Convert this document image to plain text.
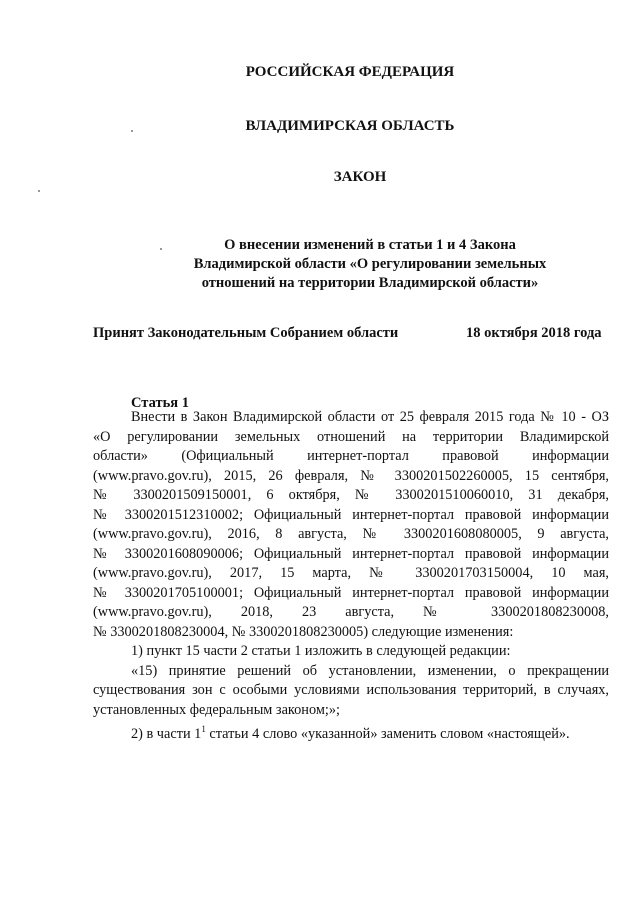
РОССИЙСКАЯ ФЕДЕРАЦИЯ
ВЛАДИМИРСКАЯ ОБЛАСТЬ
ЗАКОН
О внесении изменений в статьи 1 и 4 Закона
Владимирской области «О регулировании земельных
отношений на территории Владимирской области»
Принят Законодательным Собранием области	18 октября 2018 года
Статья 1
Внести в Закон Владимирской области от 25 февраля 2015 года № 10 - ОЗ
«О регулировании земельных отношений на территории Владимирской
области» (Официальный интернет-портал правовой информации
(www.pravo.gov.ru), 2015, 26 февраля, № 3300201502260005, 15 сентября,
№ 3300201509150001, 6 октября, № 3300201510060010, 31 декабря,
№ 3300201512310002; Официальный интернет-портал правовой информации
(www.pravo.gov.ru), 2016, 8 августа, № 3300201608080005, 9 августа,
№ 3300201608090006; Официальный интернет-портал правовой информации
(www.pravo.gov.ru), 2017, 15 марта, № 3300201703150004, 10 мая,
№ 3300201705100001; Официальный интернет-портал правовой информации
(www.pravo.gov.ru), 2018, 23 августа, № 3300201808230008,
№ 3300201808230004, № 3300201808230005) следующие изменения:
1) пункт 15 части 2 статьи 1 изложить в следующей редакции:
«15) принятие решений об установлении, изменении, о прекращении
существования зон с особыми условиями использования территорий, в случаях,
установленных федеральным законом;»;
2) в части $1^1$ статьи 4 слово «указанной» заменить словом «настоящей».
